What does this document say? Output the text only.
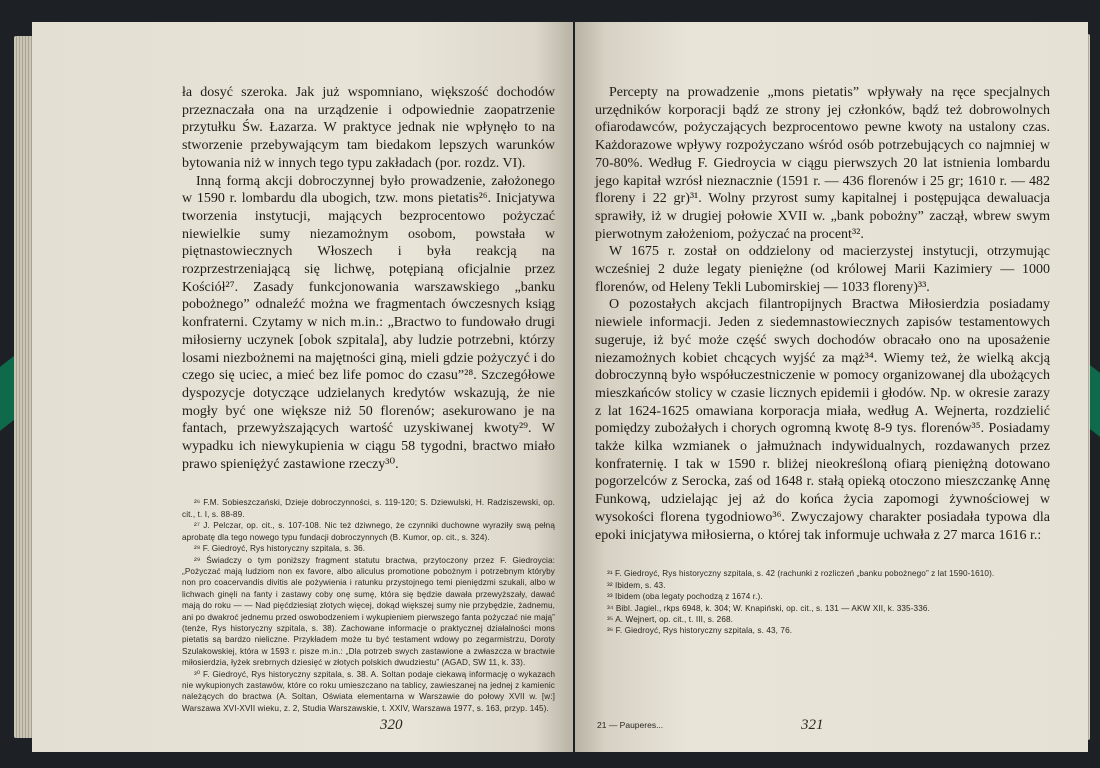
ła dosyć szeroka. Jak już wspomniano, większość dochodów przeznaczała ona na urządzenie i odpowiednie zaopatrzenie przytułku Św. Łazarza. W praktyce jednak nie wpłynęło to na stworzenie przebywającym tam biedakom lepszych warunków bytowania niż w innych tego typu zakładach (por. rozdz. VI).

Inną formą akcji dobroczynnej było prowadzenie, założonego w 1590 r. lombardu dla ubogich, tzw. mons pietatis²⁶. Inicjatywa tworzenia instytucji, mających bezprocentowo pożyczać niewielkie sumy niezamożnym osobom, powstała w piętnastowiecznych Włoszech i była reakcją na rozprzestrzeniającą się lichwę, potępianą oficjalnie przez Kościół²⁷. Zasady funkcjonowania warszawskiego „banku pobożnego” odnaleźć można we fragmentach ówczesnych ksiąg konfraterni. Czytamy w nich m.in.: „Bractwo to fundowało drugi miłosierny uczynek [obok szpitala], aby ludzie potrzebni, którzy losami niezbożnemi na majętności giną, mieli gdzie pożyczyć i do czego się uciec, a mieć bez life pomoc do czasu”²⁸. Szczegółowe dyspozycje dotyczące udzielanych kredytów wskazują, że nie mogły być one większe niż 50 florenów; asekurowano je na fantach, przewyższających wartość uzyskiwanej kwoty²⁹. W wypadku ich niewykupienia w ciągu 58 tygodni, bractwo miało prawo spieniężyć zastawione rzeczy³⁰.

²⁶ F.M. Sobieszczański, Dzieje dobroczynności, s. 119-120; S. Dziewulski, H. Radziszewski, op. cit., t. I, s. 88-89.

²⁷ J. Pelczar, op. cit., s. 107-108. Nic też dziwnego, że czynniki duchowne wyraziły swą pełną aprobatę dla tego nowego typu fundacji dobroczynnych (B. Kumor, op. cit., s. 324).

²⁸ F. Giedroyć, Rys historyczny szpitala, s. 36.

²⁹ Świadczy o tym poniższy fragment statutu bractwa, przytoczony przez F. Giedroycia: „Pożyczać mają ludziom non ex favore, albo aliculus promotione pobożnym i potrzebnym któryby non pro coacervandis divitis ale pożywienia i ratunku przystojnego temi pieniędzmi szukali, albo w lichwach ginęli na fanty i zastawy coby onę sumę, która się będzie dawała przewyższały, dawać mają do roku — — Nad pięćdziesiąt złotych więcej, dokąd większej sumy nie przybędzie, żadnemu, ani po dwakroć jednemu przed oswobodzeniem i wykupieniem pierwszego fanta pożyczać nie mają” (tenże, Rys historyczny szpitala, s. 38). Zachowane informacje o praktycznej działalności mons pietatis są bardzo nieliczne. Przykładem może tu być testament wdowy po zegarmistrzu, Doroty Szulakowskiej, która w 1593 r. pisze m.in.: „Dla potrzeb swych zastawione a zwłaszcza w bractwie miłosierdzia, łyżek srebrnych dziesięć w złotych polskich dwudziestu” (AGAD, SW 11, k. 33).

³⁰ F. Giedroyć, Rys historyczny szpitala, s. 38. A. Soltan podaje ciekawą informację o wykazach nie wykupionych zastawów, które co roku umieszczano na tablicy, zawieszanej na jednej z kamienic należących do bractwa (A. Soltan, Oświata elementarna w Warszawie do połowy XVII w. [w:] Warszawa XVI-XVII wieku, z. 2, Studia Warszawskie, t. XXIV, Warszawa 1977, s. 163, przyp. 145).

320

Percepty na prowadzenie „mons pietatis” wpływały na ręce specjalnych urzędników korporacji bądź ze strony jej członków, bądź też dobrowolnych ofiarodawców, pożyczających bezprocentowo pewne kwoty na ustalony czas. Każdorazowe wpływy rozpożyczano wśród osób potrzebujących co najmniej w 70-80%. Według F. Giedroycia w ciągu pierwszych 20 lat istnienia lombardu jego kapitał wzrósł nieznacznie (1591 r. — 436 florenów i 25 gr; 1610 r. — 482 floreny i 22 gr)³¹. Wolny przyrost sumy kapitalnej i postępująca dewaluacja sprawiły, iż w drugiej połowie XVII w. „bank pobożny” zaczął, wbrew swym pierwotnym założeniom, pożyczać na procent³².

W 1675 r. został on oddzielony od macierzystej instytucji, otrzymując wcześniej 2 duże legaty pieniężne (od królowej Marii Kazimiery — 1000 florenów, od Heleny Tekli Lubomirskiej — 1033 floreny)³³.

O pozostałych akcjach filantropijnych Bractwa Miłosierdzia posiadamy niewiele informacji. Jeden z siedemnastowiecznych zapisów testamentowych sugeruje, iż być może część swych dochodów obracało ono na uposażenie niezamożnych kobiet chcących wyjść za mąż³⁴. Wiemy też, że wielką akcją dobroczynną było współuczestniczenie w pomocy organizowanej dla ubożących mieszkańców stolicy w czasie licznych epidemii i głodów. Np. w okresie zarazy z lat 1624-1625 omawiana korporacja miała, według A. Wejnerta, rozdzielić pomiędzy zubożałych i chorych ogromną kwotę 8-9 tys. florenów³⁵. Posiadamy także kilka wzmianek o jałmużnach indywidualnych, rozdawanych przez konfraternię. I tak w 1590 r. bliżej nieokreśloną ofiarą pieniężną dotowano pogorzelców z Serocka, zaś od 1648 r. stałą opieką otoczono mieszczankę Annę Funkową, udzielając jej aż do końca życia zapomogi żywnościowej w wysokości florena tygodniowo³⁶. Zwyczajowy charakter posiadała typowa dla epoki inicjatywa miłosierna, o której tak informuje uchwała z 27 marca 1616 r.:

³¹ F. Giedroyć, Rys historyczny szpitala, s. 42 (rachunki z rozliczeń „banku pobożnego” z lat 1590-1610).

³² Ibidem, s. 43.

³³ Ibidem (oba legaty pochodzą z 1674 r.).

³⁴ Bibl. Jagiel., rkps 6948, k. 304; W. Knapiński, op. cit., s. 131 — AKW XII, k. 335-336.

³⁵ A. Wejnert, op. cit., t. III, s. 268.

³⁶ F. Giedroyć, Rys historyczny szpitala, s. 43, 76.

21 — Pauperes...	321
